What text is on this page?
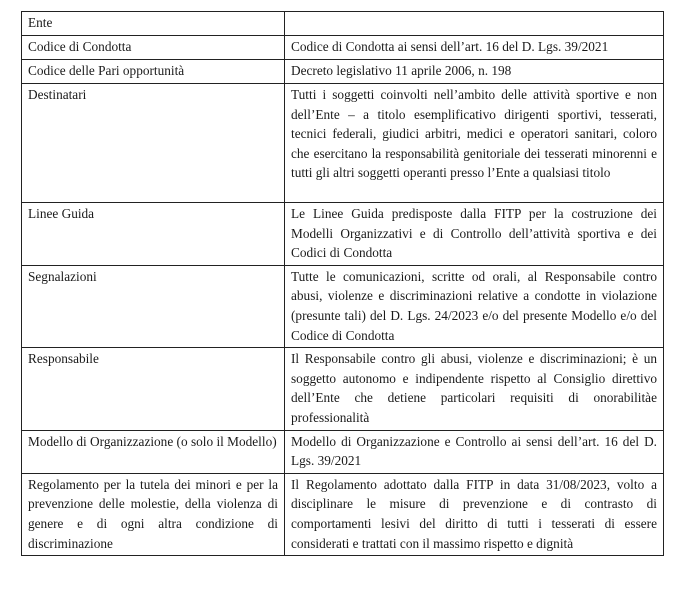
Ente	
Codice di Condotta	Codice di Condotta ai sensi dell’art. 16 del D. Lgs. 39/2021
Codice delle Pari opportunità	Decreto legislativo 11 aprile 2006, n. 198
Destinatari	Tutti i soggetti coinvolti nell’ambito delle attività sportive e non dell’Ente – a titolo esemplificativo dirigenti sportivi, tesserati, tecnici federali, giudici arbitri, medici e operatori sanitari, coloro che esercitano la responsabilità genitoriale dei tesserati minorenni e tutti gli altri soggetti operanti presso l’Ente a qualsiasi titolo
Linee Guida	Le Linee Guida predisposte dalla FITP per la costruzione dei Modelli Organizzativi e di Controllo dell’attività sportiva e dei Codici di Condotta
Segnalazioni	Tutte le comunicazioni, scritte od orali, al Responsabile contro abusi, violenze e discriminazioni relative a condotte in violazione (presunte tali) del D. Lgs. 24/2023 e/o del presente Modello e/o del Codice di Condotta
Responsabile	Il Responsabile contro gli abusi, violenze e discriminazioni; è un soggetto autonomo e indipendente rispetto al Consiglio direttivo dell’Ente che detiene particolari requisiti di onorabilitàe professionalità
Modello di Organizzazione (o solo il Modello)	Modello di Organizzazione e Controllo ai sensi dell’art. 16 del D. Lgs. 39/2021
Regolamento per la tutela dei minori e per la prevenzione delle molestie, della violenza di genere e di ogni altra condizione di discriminazione	Il Regolamento adottato dalla FITP in data 31/08/2023, volto a disciplinare le misure di prevenzione e di contrasto di comportamenti lesivi del diritto di tutti i tesserati di essere considerati e trattati con il massimo rispetto e dignità
